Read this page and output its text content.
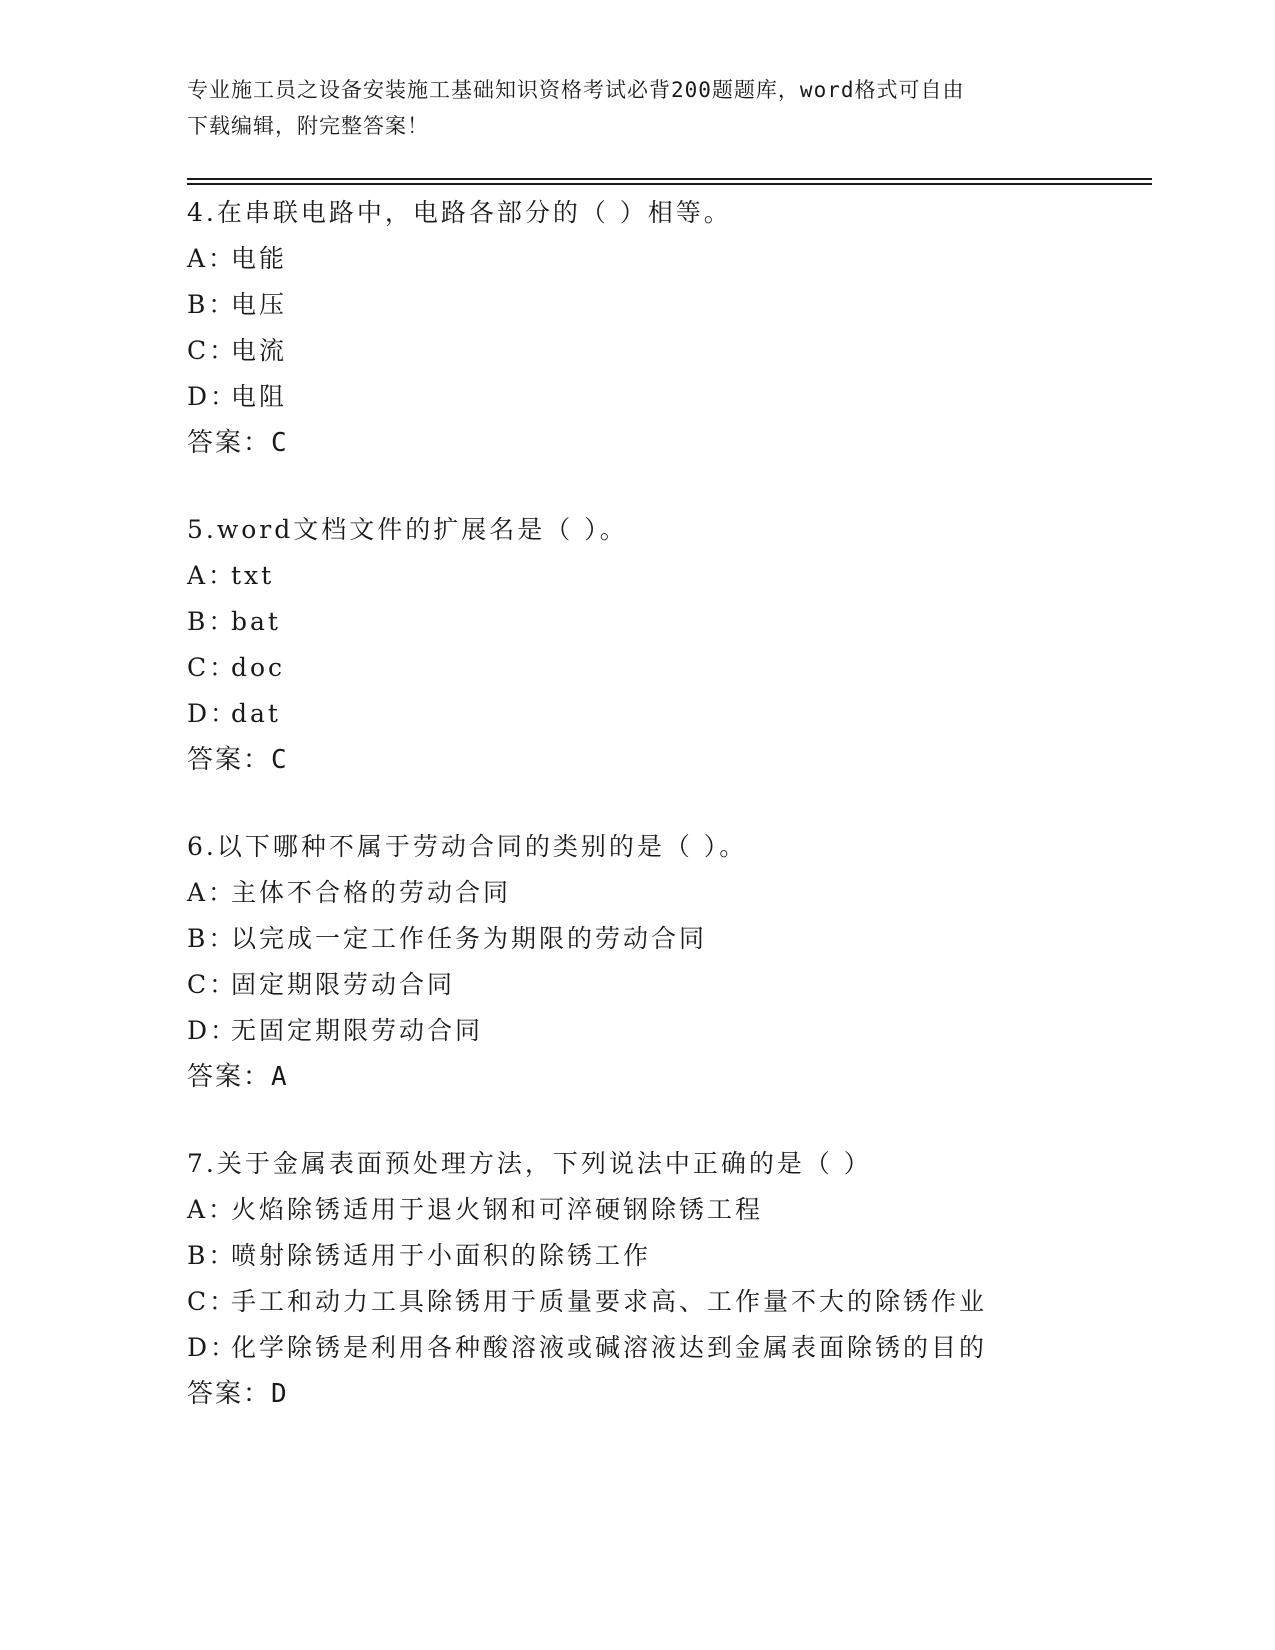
专业施工员之设备安装施工基础知识资格考试必背200题题库，word格式可自由
下载编辑，附完整答案！
4.在串联电路中，电路各部分的（ ）相等。
A：电能
B：电压
C：电流
D：电阻
答案：C
5.word文档文件的扩展名是（ ）。
A：txt
B：bat
C：doc
D：dat
答案：C
6.以下哪种不属于劳动合同的类别的是（ ）。
A：主体不合格的劳动合同
B：以完成一定工作任务为期限的劳动合同
C：固定期限劳动合同
D：无固定期限劳动合同
答案：A
7.关于金属表面预处理方法，下列说法中正确的是（ ）
A：火焰除锈适用于退火钢和可淬硬钢除锈工程
B：喷射除锈适用于小面积的除锈工作
C：手工和动力工具除锈用于质量要求高、工作量不大的除锈作业
D：化学除锈是利用各种酸溶液或碱溶液达到金属表面除锈的目的
答案：D
